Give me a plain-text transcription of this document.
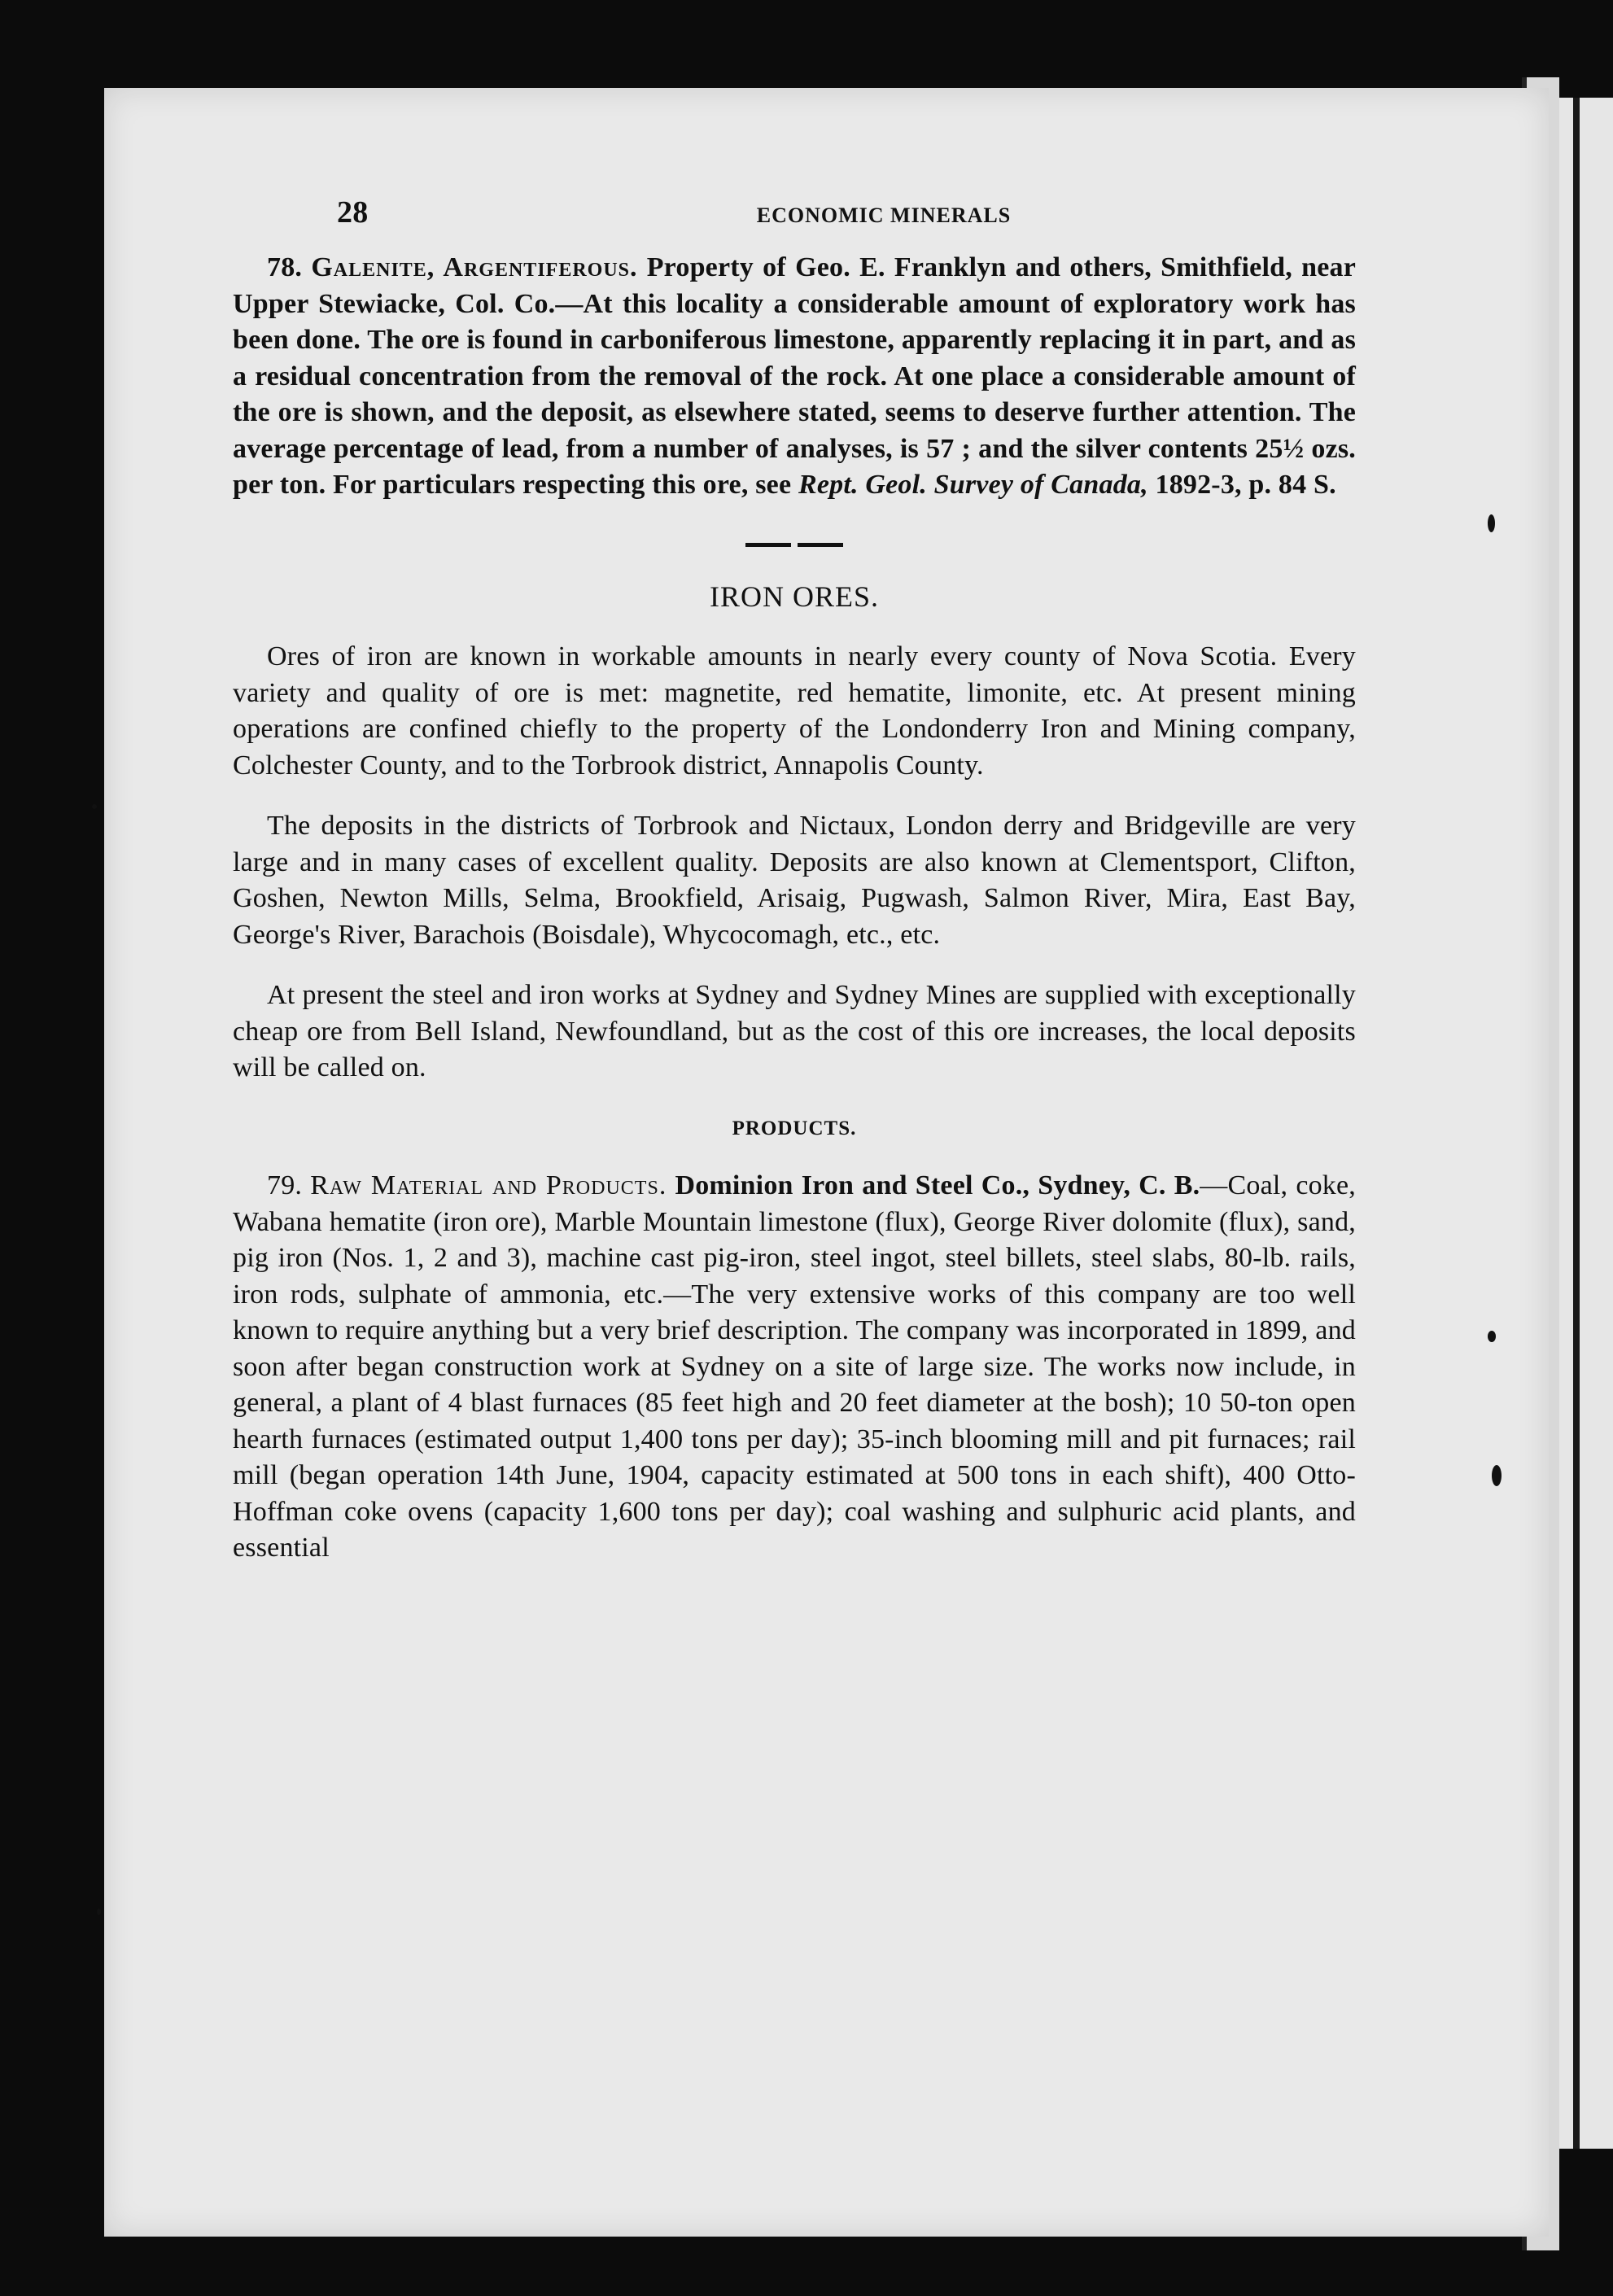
28	ECONOMIC MINERALS

78. Galenite, Argentiferous. Property of Geo. E. Franklyn and others, Smithfield, near Upper Stewiacke, Col. Co.—At this locality a considerable amount of exploratory work has been done. The ore is found in carboniferous limestone, apparently replacing it in part, and as a residual concentration from the removal of the rock. At one place a considerable amount of the ore is shown, and the deposit, as elsewhere stated, seems to deserve further attention. The average percentage of lead, from a number of analyses, is 57 ; and the silver contents 25½ ozs. per ton. For particulars respecting this ore, see Rept. Geol. Survey of Canada, 1892-3, p. 84 S.

IRON ORES.

Ores of iron are known in workable amounts in nearly every county of Nova Scotia. Every variety and quality of ore is met: magnetite, red hematite, limonite, etc. At present mining operations are confined chiefly to the property of the Londonderry Iron and Mining company, Colchester County, and to the Torbrook district, Annapolis County.

The deposits in the districts of Torbrook and Nictaux, London derry and Bridgeville are very large and in many cases of excellent quality. Deposits are also known at Clementsport, Clifton, Goshen, Newton Mills, Selma, Brookfield, Arisaig, Pugwash, Salmon River, Mira, East Bay, George's River, Barachois (Boisdale), Whycocomagh, etc., etc.

At present the steel and iron works at Sydney and Sydney Mines are supplied with exceptionally cheap ore from Bell Island, Newfoundland, but as the cost of this ore increases, the local deposits will be called on.

PRODUCTS.

79. Raw Material and Products. Dominion Iron and Steel Co., Sydney, C. B.—Coal, coke, Wabana hematite (iron ore), Marble Mountain limestone (flux), George River dolomite (flux), sand, pig iron (Nos. 1, 2 and 3), machine cast pig-iron, steel ingot, steel billets, steel slabs, 80-lb. rails, iron rods, sulphate of ammonia, etc.—The very extensive works of this company are too well known to require anything but a very brief description. The company was incorporated in 1899, and soon after began construction work at Sydney on a site of large size. The works now include, in general, a plant of 4 blast furnaces (85 feet high and 20 feet diameter at the bosh); 10 50-ton open hearth furnaces (estimated output 1,400 tons per day); 35-inch blooming mill and pit furnaces; rail mill (began operation 14th June, 1904, capacity estimated at 500 tons in each shift), 400 Otto-Hoffman coke ovens (capacity 1,600 tons per day); coal washing and sulphuric acid plants, and essential
